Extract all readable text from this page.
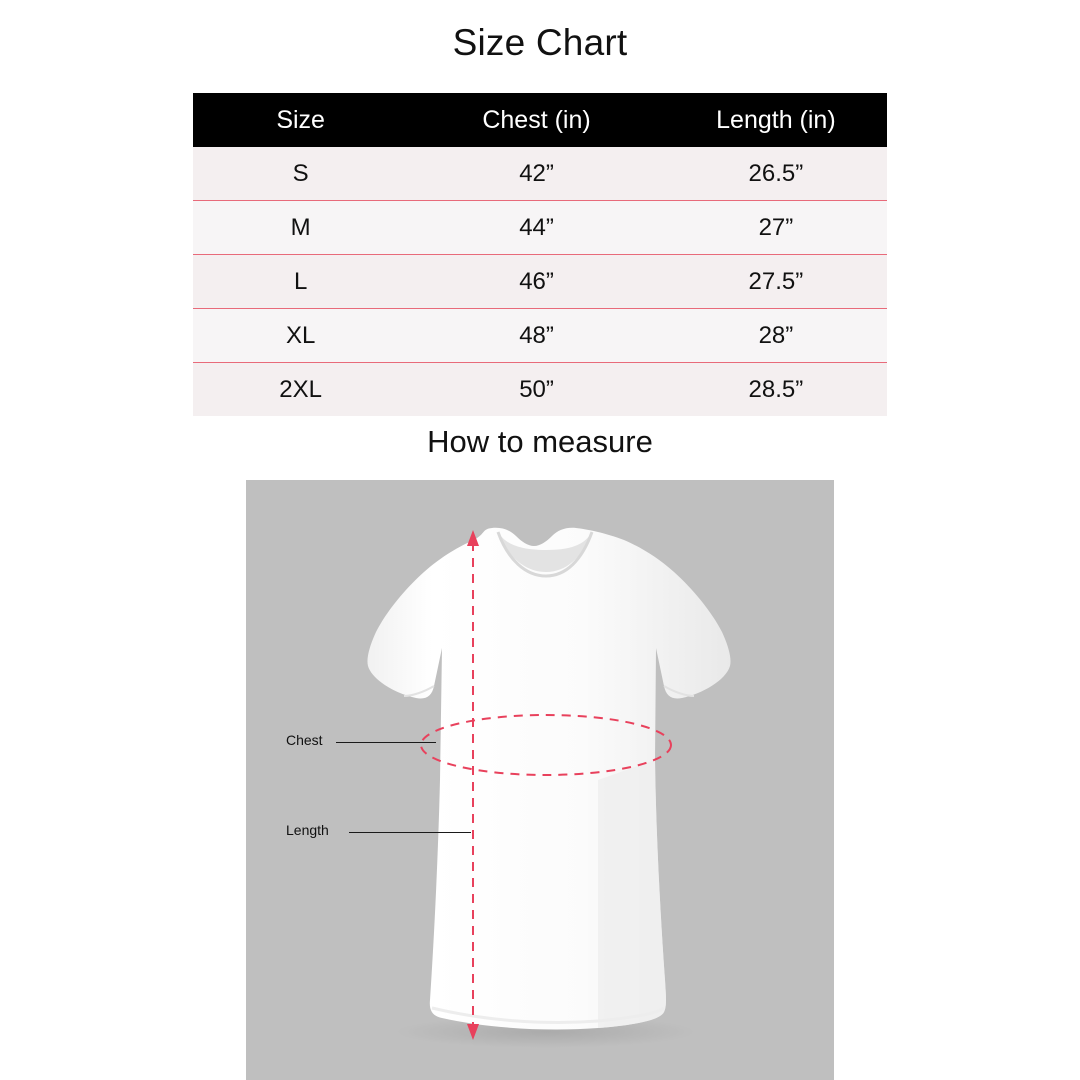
Size Chart
Size	Chest (in)	Length (in)
S	42”	26.5”
M	44”	27”
L	46”	27.5”
XL	48”	28”
2XL	50”	28.5”
How to measure
Chest
Length
